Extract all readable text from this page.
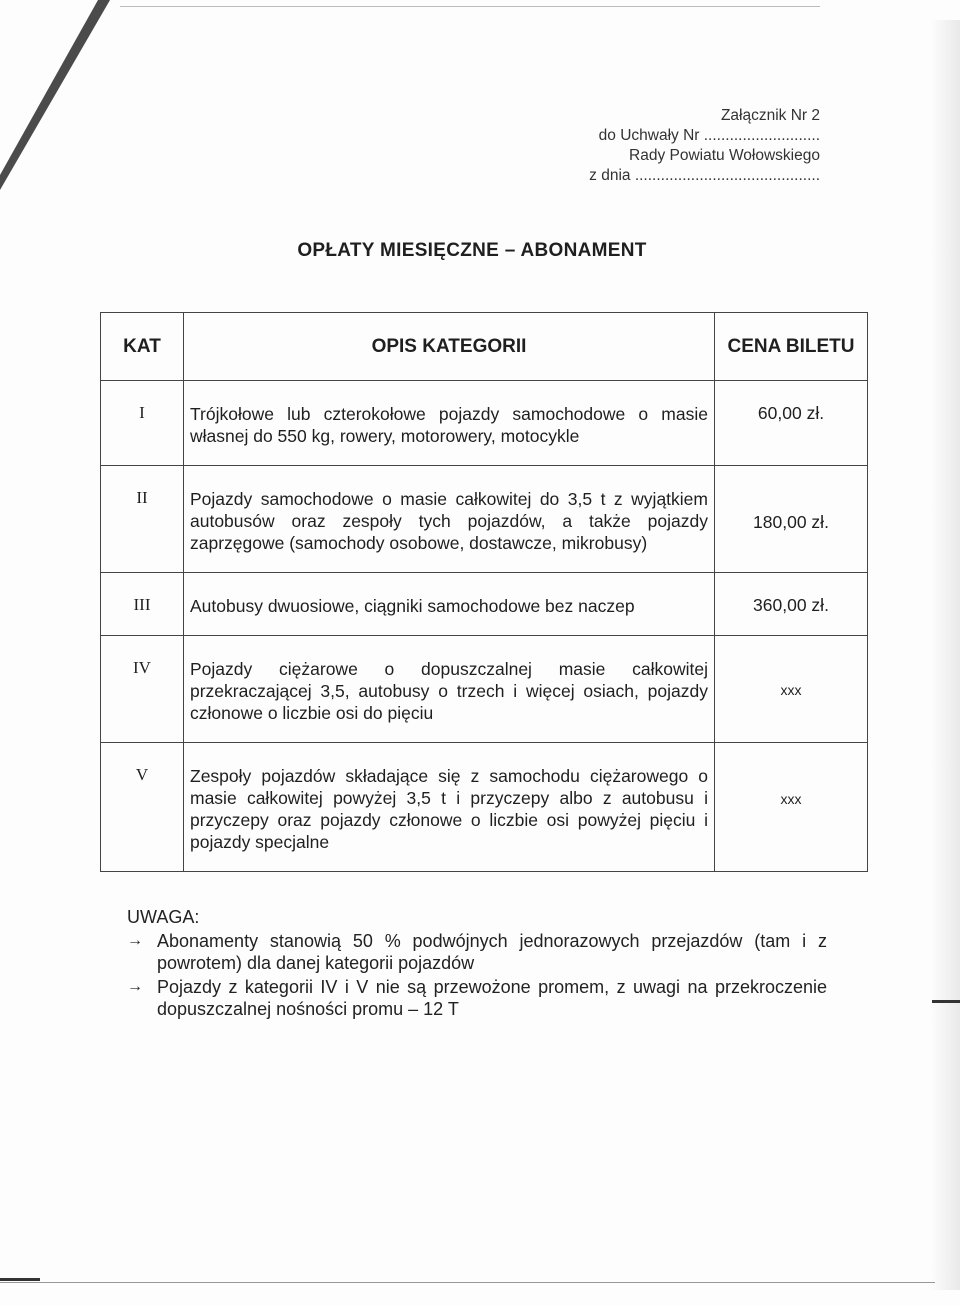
Załącznik Nr 2
do Uchwały Nr ...........................
Rady Powiatu Wołowskiego
z dnia ...........................................
OPŁATY MIESIĘCZNE – ABONAMENT
KAT	OPIS KATEGORII	CENA BILETU
I	Trójkołowe lub czterokołowe pojazdy samochodowe o masie własnej do 550 kg, rowery, motorowery, motocykle	60,00 zł.
II	Pojazdy samochodowe o masie całkowitej do 3,5 t z wyjątkiem autobusów oraz zespoły tych pojazdów, a także pojazdy zaprzęgowe (samochody osobowe, dostawcze, mikrobusy)	180,00 zł.
III	Autobusy dwuosiowe, ciągniki samochodowe bez naczep	360,00 zł.
IV	Pojazdy ciężarowe o dopuszczalnej masie całkowitej przekraczającej 3,5, autobusy o trzech i więcej osiach, pojazdy członowe o liczbie osi do pięciu	xxx
V	Zespoły pojazdów składające się z samochodu ciężarowego o masie całkowitej powyżej 3,5 t i przyczepy albo z autobusu i przyczepy oraz pojazdy członowe o liczbie osi powyżej pięciu i pojazdy specjalne	xxx
UWAGA:
→ Abonamenty stanowią 50 % podwójnych jednorazowych przejazdów (tam i z powrotem) dla danej kategorii pojazdów
→ Pojazdy z kategorii IV i V nie są przewożone promem, z uwagi na przekroczenie dopuszczalnej nośności promu – 12 T
